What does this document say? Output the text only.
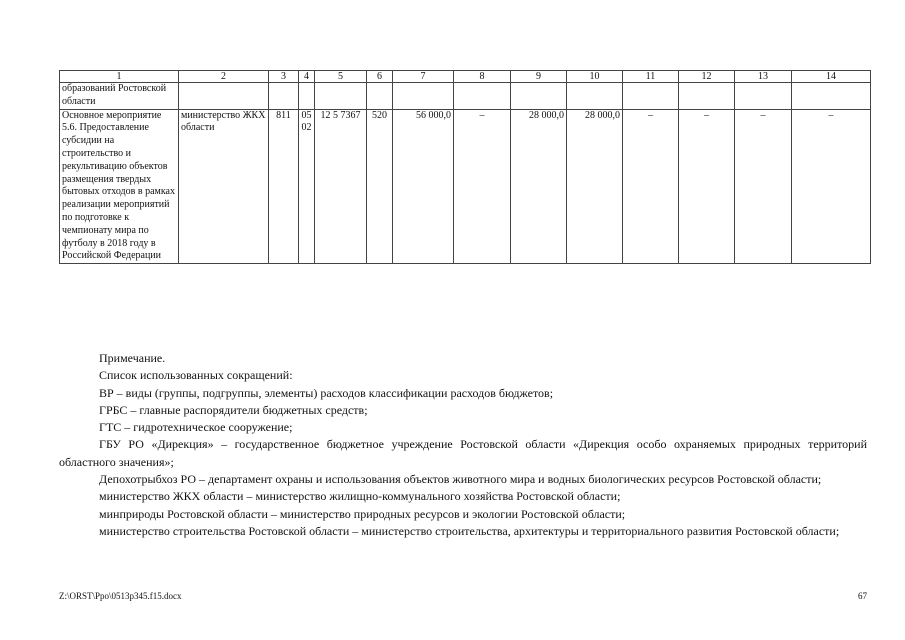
1	2	3	4	5	6	7	8	9	10	11	12	13	14
образований Ростовской области													
Основное мероприятие 5.6. Предоставление субсидии на строительство и рекультивацию объектов размещения твердых бытовых отходов в рамках реализации мероприятий по подготовке к чемпионату мира по футболу в 2018 году в Российской Федерации	министерство ЖКХ области	811	05 02	12 5 7367	520	56 000,0	–	28 000,0	28 000,0	–	–	–	–

Примечание.

Список использованных сокращений:

ВР – виды (группы, подгруппы, элементы) расходов классификации расходов бюджетов;

ГРБС – главные распорядители бюджетных средств;

ГТС – гидротехническое сооружение;

ГБУ РО «Дирекция» – государственное бюджетное учреждение Ростовской области «Дирекция особо охраняемых природных территорий областного значения»;

Депохотрыбхоз РО – департамент охраны и использования объектов животного мира и водных биологических ресурсов Ростовской области;

министерство ЖКХ области – министерство жилищно-коммунального хозяйства Ростовской области;

минприроды Ростовской области – министерство природных ресурсов и экологии Ростовской области;

министерство строительства Ростовской области – министерство строительства, архитектуры и территориального развития Ростовской области;

Z:\ORST\Ppo\0513p345.f15.docx	67
